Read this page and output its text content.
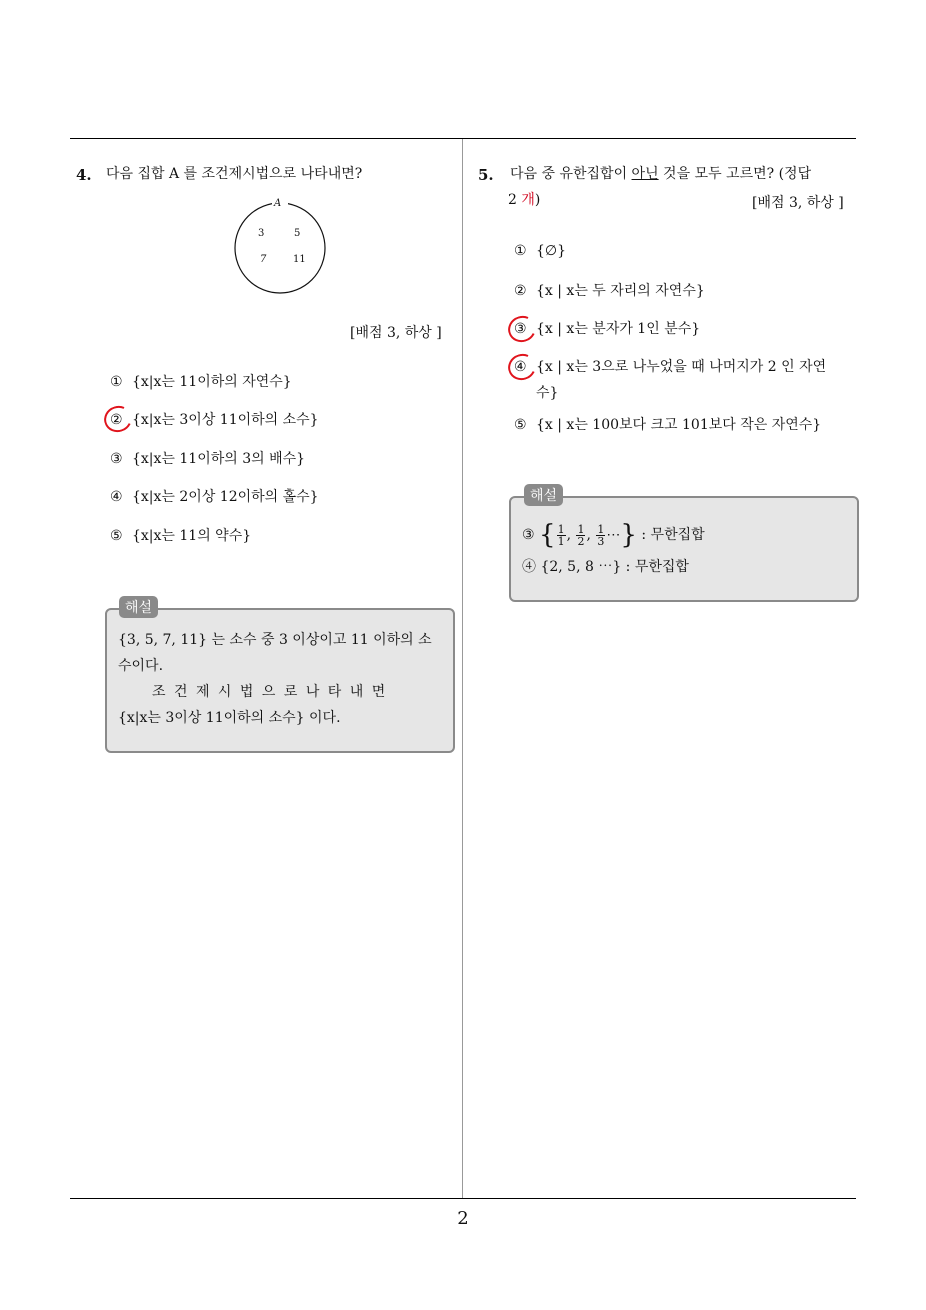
4. 다음 집합 A 를 조건제시법으로 나타내면?
A
3	5
7	11
[배점 3, 하상 ]
① {x|x는 11이하의 자연수}
② {x|x는 3이상 11이하의 소수}
③ {x|x는 11이하의 3의 배수}
④ {x|x는 2이상 12이하의 홀수}
⑤ {x|x는 11의 약수}
해설
{3, 5, 7, 11} 는 소수 중 3 이상이고 11 이하의 소
수이다.
조 건 제 시 법 으 로 나 타 내 면
{x|x는 3이상 11이하의 소수} 이다.
5. 다음 중 유한집합이 아닌 것을 모두 고르면? (정답
2 개)	[배점 3, 하상 ]
① {∅}
② {x | x는 두 자리의 자연수}
③ {x | x는 분자가 1인 분수}
④ {x | x는 3으로 나누었을 때 나머지가 2 인 자연
수}
⑤ {x | x는 100보다 크고 101보다 작은 자연수}
해설
③ { $\frac{1}{1}$ , $\frac{1}{2}$ , $\frac{1}{3}$ ⋯} : 무한집합
④ {2, 5, 8 ⋯} : 무한집합
2
